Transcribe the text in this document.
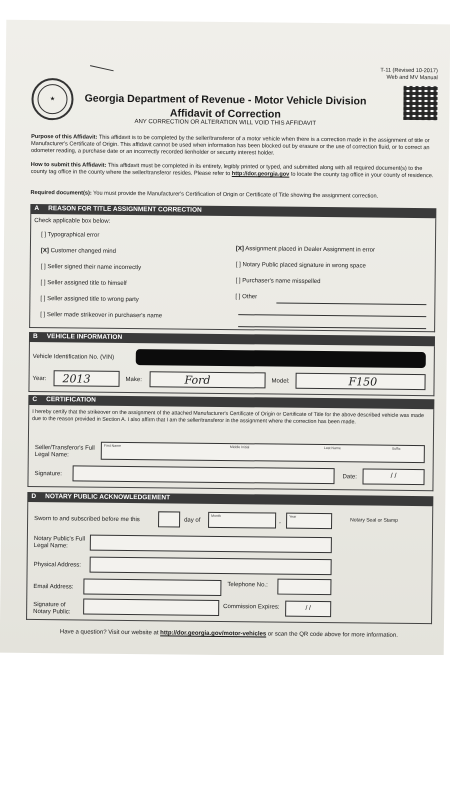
★
T-11 (Revised 10-2017)
Web and MV Manual
Georgia Department of Revenue - Motor Vehicle Division
Affidavit of Correction
ANY CORRECTION OR ALTERATION WILL VOID THIS AFFIDAVIT
Purpose of this Affidavit: This affidavit is to be completed by the seller/transferor of a motor vehicle when there is a correction made in the assignment of title or Manufacturer's Certificate of Origin. This affidavit cannot be used when information has been blocked out by erasure or the use of correction fluid, or to correct an odometer reading, a purchase date or an incorrectly recorded lienholder or security interest holder.
How to submit this Affidavit: This affidavit must be completed in its entirety, legibly printed or typed, and submitted along with all required document(s) to the county tag office in the county where the seller/transferor resides. Please refer to http://dor.georgia.gov to locate the county tag office in your county of residence.
Required document(s): You must provide the Manufacturer's Certification of Origin or Certificate of Title showing the assignment correction.
A REASON FOR TITLE ASSIGNMENT CORRECTION
Check applicable box below:
[ ] Typographical error
[X] Customer changed mind
[ ] Seller signed their name incorrectly
[ ] Seller assigned title to himself
[ ] Seller assigned title to wrong party
[ ] Seller made strikeover in purchaser's name
[X] Assignment placed in Dealer Assignment in error
[ ] Notary Public placed signature in wrong space
[ ] Purchaser's name misspelled
[ ] Other
B VEHICLE INFORMATION
Vehicle Identification No. (VIN)
Year: 2013	Make:	Ford	Model:	F150
C CERTIFICATION
I hereby certify that the strikeover on the assignment of the attached Manufacturer's Certificate of Origin or Certificate of Title for the above described vehicle was made due to the reason provided in Section A. I also affirm that I am the seller/transferor in the assignment where the correction has been made.
Seller/Transferor's Full Legal Name:
First Name	Middle Initial	Last Name	Suffix
Signature:
Date:	/ /
D NOTARY PUBLIC ACKNOWLEDGEMENT
Sworn to and subscribed before me this	day of
Month
,
Year
Notary Seal or Stamp
Notary Public's Full Legal Name:
Physical Address:
Email Address:	Telephone No.:
Signature of Notary Public:
Commission Expires:	/ /
Have a question? Visit our website at http://dor.georgia.gov/motor-vehicles or scan the QR code above for more information.
